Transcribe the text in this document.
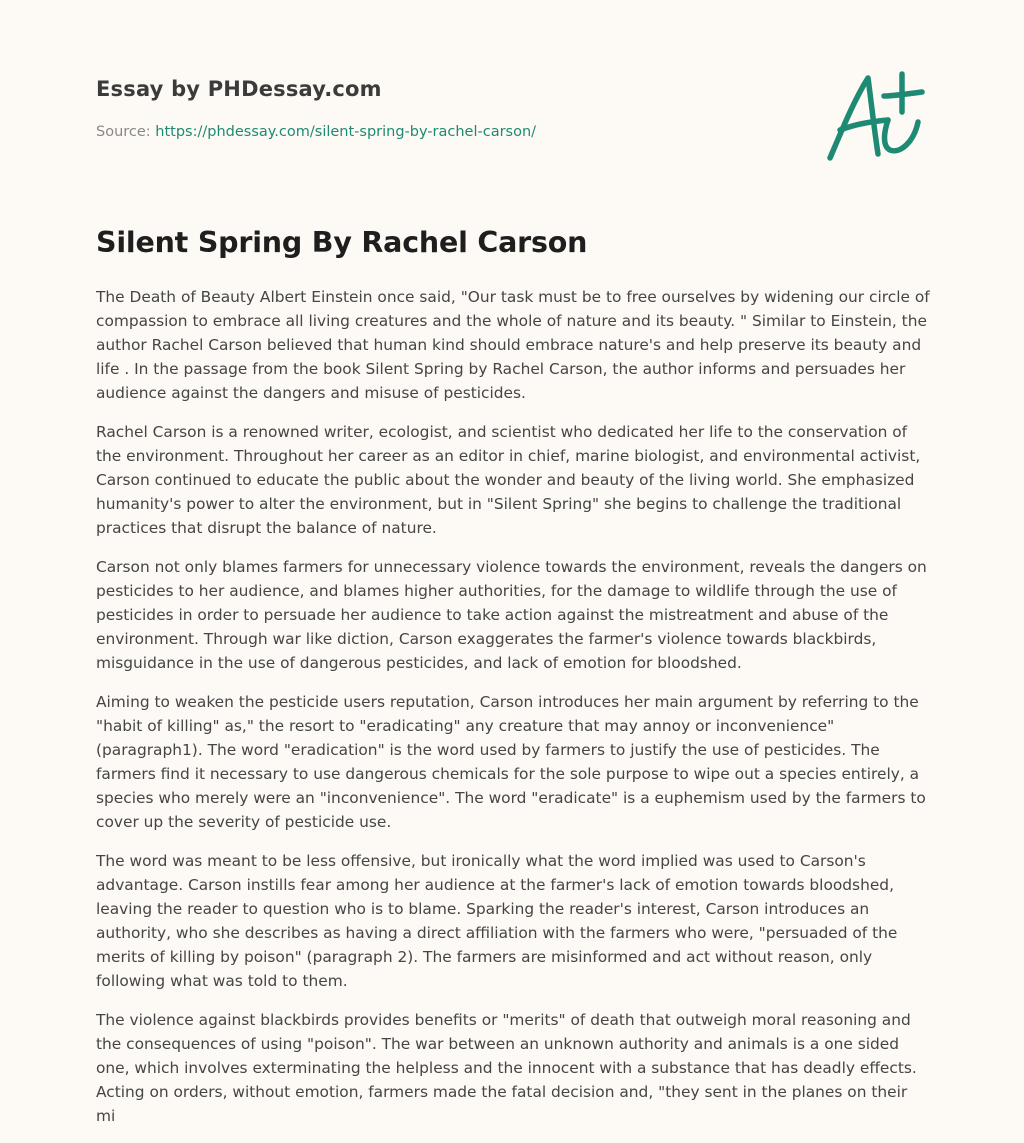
Essay by PHDessay.com
Source: https://phdessay.com/silent-spring-by-rachel-carson/
Silent Spring By Rachel Carson

The Death of Beauty Albert Einstein once said, "Our task must be to free ourselves by widening our circle of compassion to embrace all living creatures and the whole of nature and its beauty. " Similar to Einstein, the author Rachel Carson believed that human kind should embrace nature's and help preserve its beauty and life . In the passage from the book Silent Spring by Rachel Carson, the author informs and persuades her audience against the dangers and misuse of pesticides.

Rachel Carson is a renowned writer, ecologist, and scientist who dedicated her life to the conservation of the environment. Throughout her career as an editor in chief, marine biologist, and environmental activist, Carson continued to educate the public about the wonder and beauty of the living world. She emphasized humanity's power to alter the environment, but in "Silent Spring" she begins to challenge the traditional practices that disrupt the balance of nature.

Carson not only blames farmers for unnecessary violence towards the environment, reveals the dangers on pesticides to her audience, and blames higher authorities, for the damage to wildlife through the use of pesticides in order to persuade her audience to take action against the mistreatment and abuse of the environment. Through war like diction, Carson exaggerates the farmer's violence towards blackbirds, misguidance in the use of dangerous pesticides, and lack of emotion for bloodshed.

Aiming to weaken the pesticide users reputation, Carson introduces her main argument by referring to the "habit of killing" as," the resort to "eradicating" any creature that may annoy or inconvenience"(paragraph1). The word "eradication" is the word used by farmers to justify the use of pesticides. The farmers find it necessary to use dangerous chemicals for the sole purpose to wipe out a species entirely, a species who merely were an "inconvenience". The word "eradicate" is a euphemism used by the farmers to cover up the severity of pesticide use.

The word was meant to be less offensive, but ironically what the word implied was used to Carson's advantage. Carson instills fear among her audience at the farmer's lack of emotion towards bloodshed, leaving the reader to question who is to blame. Sparking the reader's interest, Carson introduces an authority, who she describes as having a direct affiliation with the farmers who were, "persuaded of the merits of killing by poison" (paragraph 2). The farmers are misinformed and act without reason, only following what was told to them.

The violence against blackbirds provides benefits or "merits" of death that outweigh moral reasoning and the consequences of using "poison". The war between an unknown authority and animals is a one sided one, which involves exterminating the helpless and the innocent with a substance that has deadly effects. Acting on orders, without emotion, farmers made the fatal decision and, "they sent in the planes on their mi
